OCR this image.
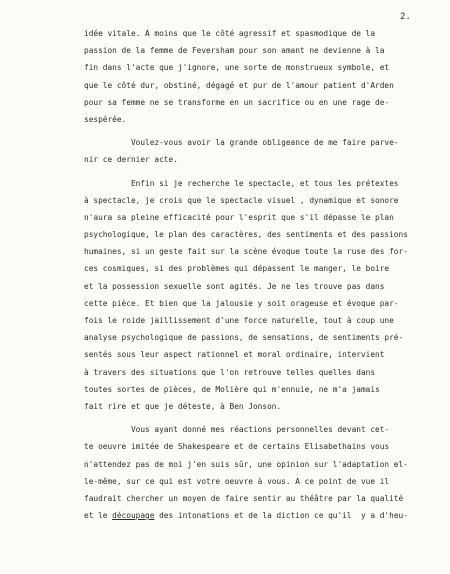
2.
idée vitale. A moins que le côté agressif et spasmodique de la
passion de la femme de Feversham pour son amant ne devienne à la
fin dans l'acte que j'ignore, une sorte de monstrueux symbole, et
que le côté dur, obstiné, dégagé et pur de l'amour patient d'Arden
pour sa femme ne se transforme en un sacrifice ou en une rage de-
sespérée.
Voulez-vous avoir la grande obligeance de me faire parve-
nir ce dernier acte.
Enfin si je recherche le spectacle, et tous les prétextes
à spectacle, je crois que le spectacle visuel , dynamique et sonore
n'aura sa pleine efficacité pour l'esprit que s'il dépasse le plan
psychologique, le plan des caractères, des sentiments et des passions
humaines, si un geste fait sur la scène évoque toute la ruse des for-
ces cosmiques, si des problèmes qui dépassent le manger, le boire
et la possession sexuelle sont agités. Je ne les trouve pas dans
cette pièce. Et bien que la jalousie y soit orageuse et évoque par-
fois le roide jaillissement d'une force naturelle, tout à coup une
analyse psychologique de passions, de sensations, de sentiments pré-
sentés sous leur aspect rationnel et moral ordinaire, intervient
à travers des situations que l'on retrouve telles quelles dans
toutes sortes de pièces, de Molière qui m'ennuie, ne m'a jamais
fait rire et que je déteste, à Ben Jonson.
Vous ayant donné mes réactions personnelles devant cet-
te oeuvre imitée de Shakespeare et de certains Elisabethains vous
n'attendez pas de moi j'en suis sûr, une opinion sur l'adaptation el-
le-même, sur ce qui est votre oeuvre à vous. A ce point de vue il
faudrait chercher un moyen de faire sentir au théâtre par la qualité
et le découpage des intonations et de la diction ce qu'il  y a d'heu-
